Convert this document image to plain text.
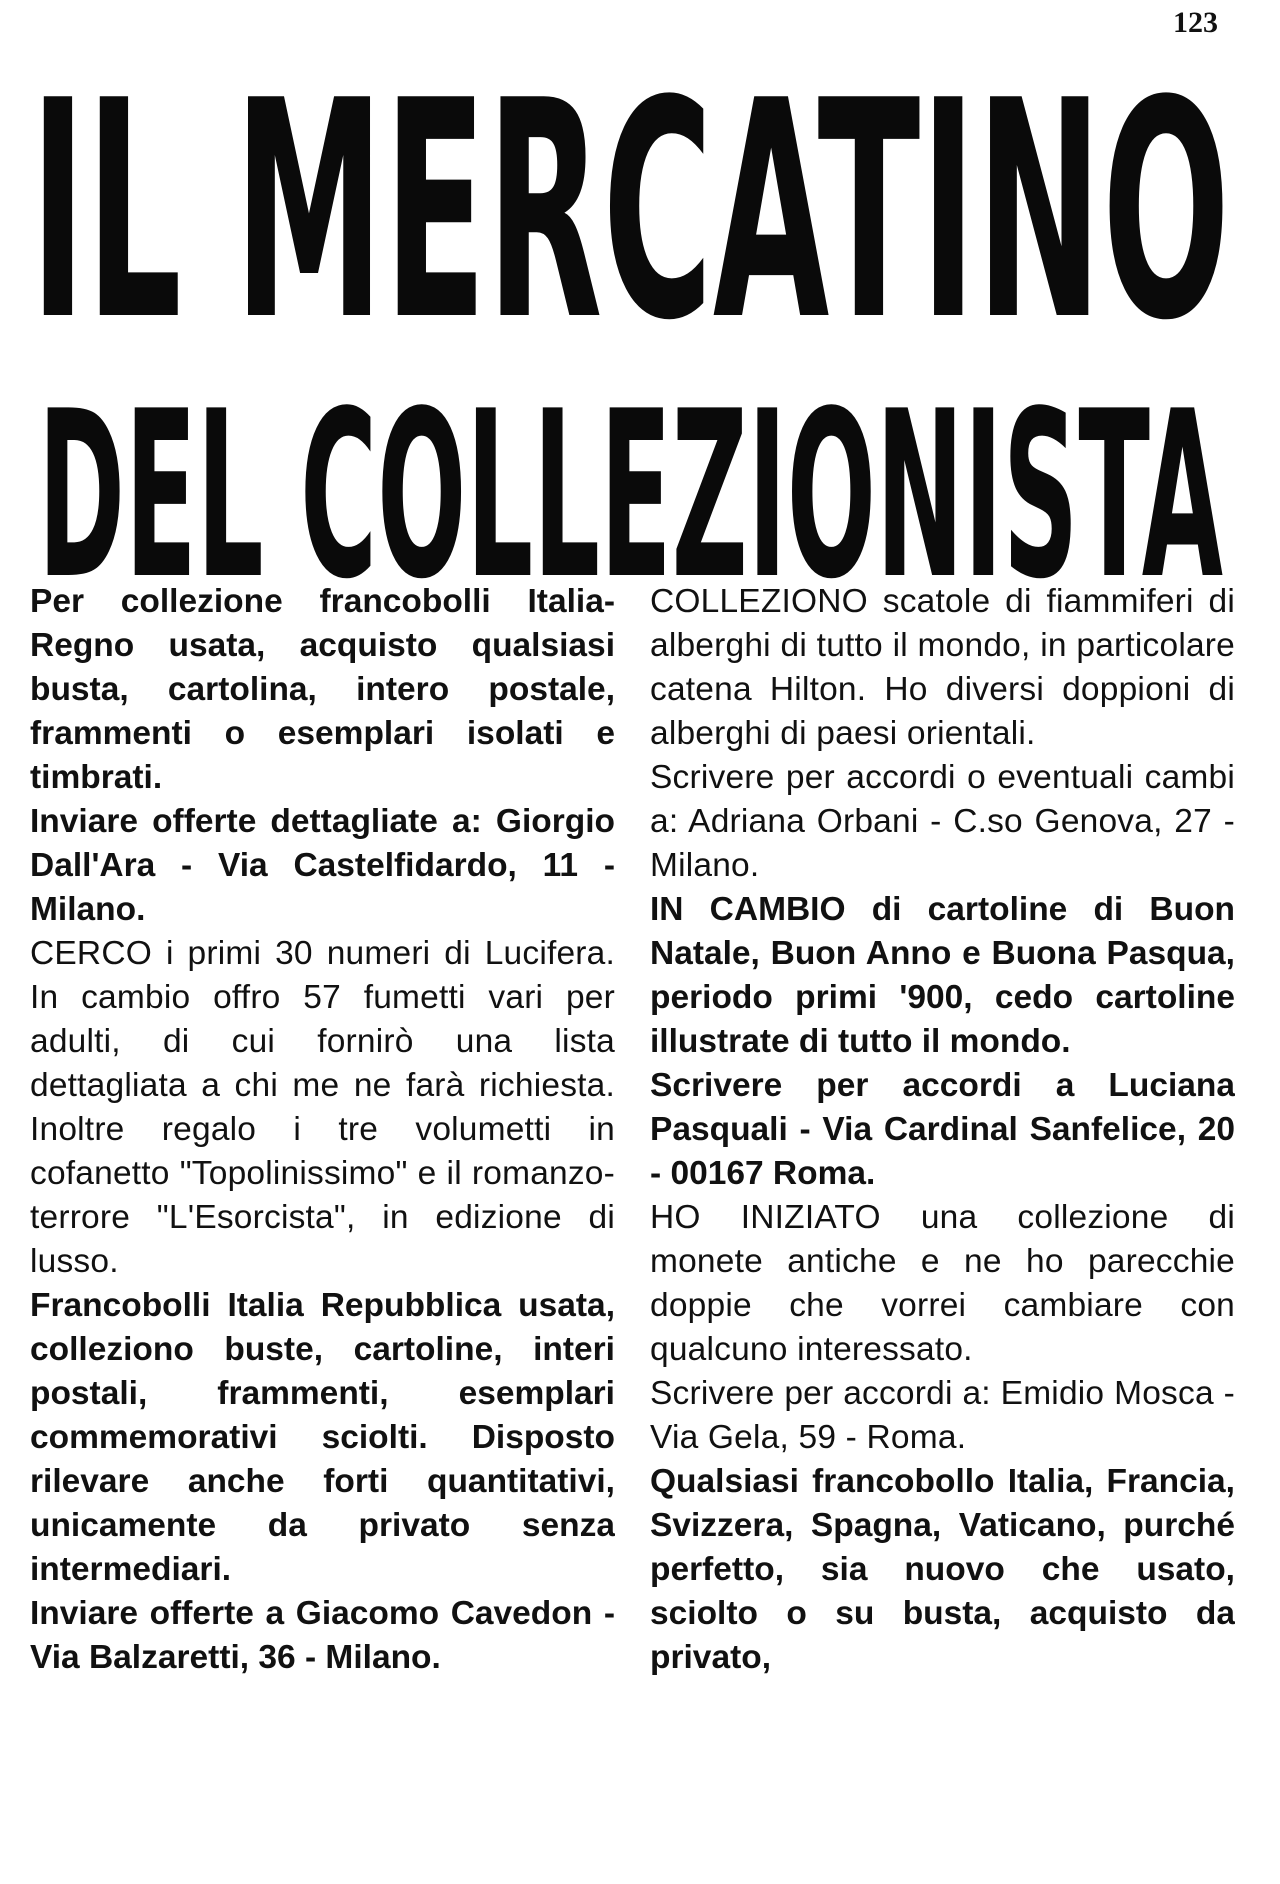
123
IL MERCATINO
DEL COLLEZIONISTA

Per collezione francobolli Italia-Regno usata, acquisto qualsiasi busta, cartolina, intero postale, frammenti o esemplari isolati e timbrati.

Inviare offerte dettagliate a: Giorgio Dall'Ara - Via Castelfidardo, 11 - Milano.

CERCO i primi 30 numeri di Lucifera. In cambio offro 57 fumetti vari per adulti, di cui fornirò una lista dettagliata a chi me ne farà richiesta. Inoltre regalo i tre volumetti in cofanetto "Topolinissimo" e il romanzo-terrore "L'Esorcista", in edizione di lusso.

Francobolli Italia Repubblica usata, colleziono buste, cartoline, interi postali, frammenti, esemplari commemorativi sciolti. Disposto rilevare anche forti quantitativi, unicamente da privato senza intermediari.

Inviare offerte a Giacomo Cavedon - Via Balzaretti, 36 - Milano.

COLLEZIONO scatole di fiammiferi di alberghi di tutto il mondo, in particolare catena Hilton. Ho diversi doppioni di alberghi di paesi orientali.

Scrivere per accordi o eventuali cambi a: Adriana Orbani - C.so Genova, 27 - Milano.

IN CAMBIO di cartoline di Buon Natale, Buon Anno e Buona Pasqua, periodo primi '900, cedo cartoline illustrate di tutto il mondo.

Scrivere per accordi a Luciana Pasquali - Via Cardinal Sanfelice, 20 - 00167 Roma.

HO INIZIATO una collezione di monete antiche e ne ho parecchie doppie che vorrei cambiare con qualcuno interessato.

Scrivere per accordi a: Emidio Mosca - Via Gela, 59 - Roma.

Qualsiasi francobollo Italia, Francia, Svizzera, Spagna, Vaticano, purché perfetto, sia nuovo che usato, sciolto o su busta, acquisto da privato,
